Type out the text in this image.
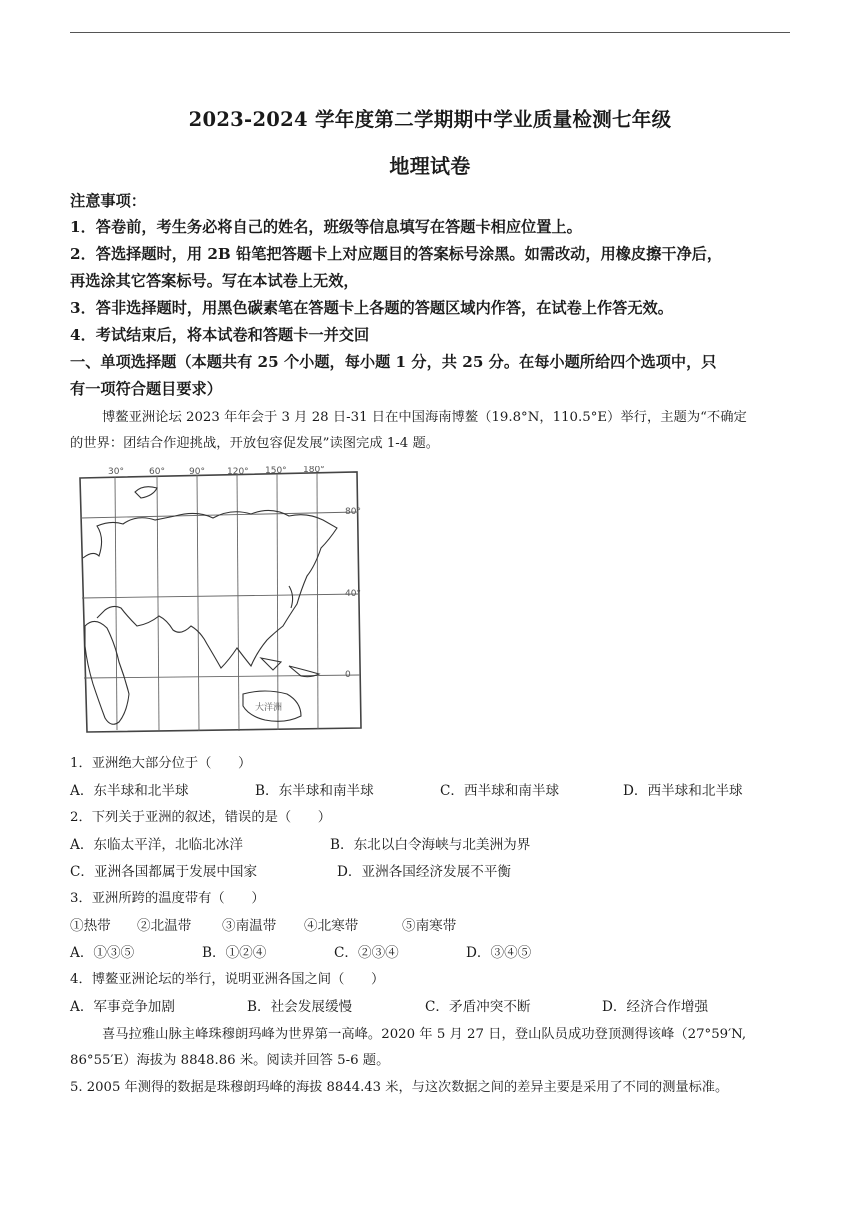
2023-2024 学年度第二学期期中学业质量检测七年级
地理试卷
注意事项：
1．答卷前，考生务必将自己的姓名，班级等信息填写在答题卡相应位置上。
2．答选择题时，用 2B 铅笔把答题卡上对应题目的答案标号涂黑。如需改动，用橡皮擦干净后，
再选涂其它答案标号。写在本试卷上无效，
3．答非选择题时，用黑色碳素笔在答题卡上各题的答题区域内作答，在试卷上作答无效。
4．考试结束后，将本试卷和答题卡一并交回
一、单项选择题（本题共有 25 个小题，每小题 1 分，共 25 分。在每小题所给四个选项中，只
有一项符合题目要求）
博鳌亚洲论坛 2023 年年会于 3 月 28 日-31 日在中国海南博鳌（19.8°N，110.5°E）举行，主题为“不确定
的世界：团结合作迎挑战，开放包容促发展”读图完成 1-4 题。
30°	60°	90° 120° 150° 180°
80°
40°
0
大洋洲
1．亚洲绝大部分位于（　　）
A．东半球和北半球	B．东半球和南半球	C．西半球和南半球	D．西半球和北半球
2．下列关于亚洲的叙述，错误的是（　　）
A．东临太平洋，北临北冰洋	B．东北以白令海峡与北美洲为界
C．亚洲各国都属于发展中国家	D．亚洲各国经济发展不平衡
3．亚洲所跨的温度带有（　　）
①热带 ②北温带 ③南温带 ④北寒带	⑤南寒带
A．①③⑤	B．①②④	C．②③④	D．③④⑤
4．博鳌亚洲论坛的举行，说明亚洲各国之间（　　）
A．军事竞争加剧	B．社会发展缓慢	C．矛盾冲突不断	D．经济合作增强
喜马拉雅山脉主峰珠穆朗玛峰为世界第一高峰。2020 年 5 月 27 日，登山队员成功登顶测得该峰（27°59′N,
86°55′E）海拔为 8848.86 米。阅读并回答 5-6 题。
5. 2005 年测得的数据是珠穆朗玛峰的海拔 8844.43 米，与这次数据之间的差异主要是采用了不同的测量标准。
